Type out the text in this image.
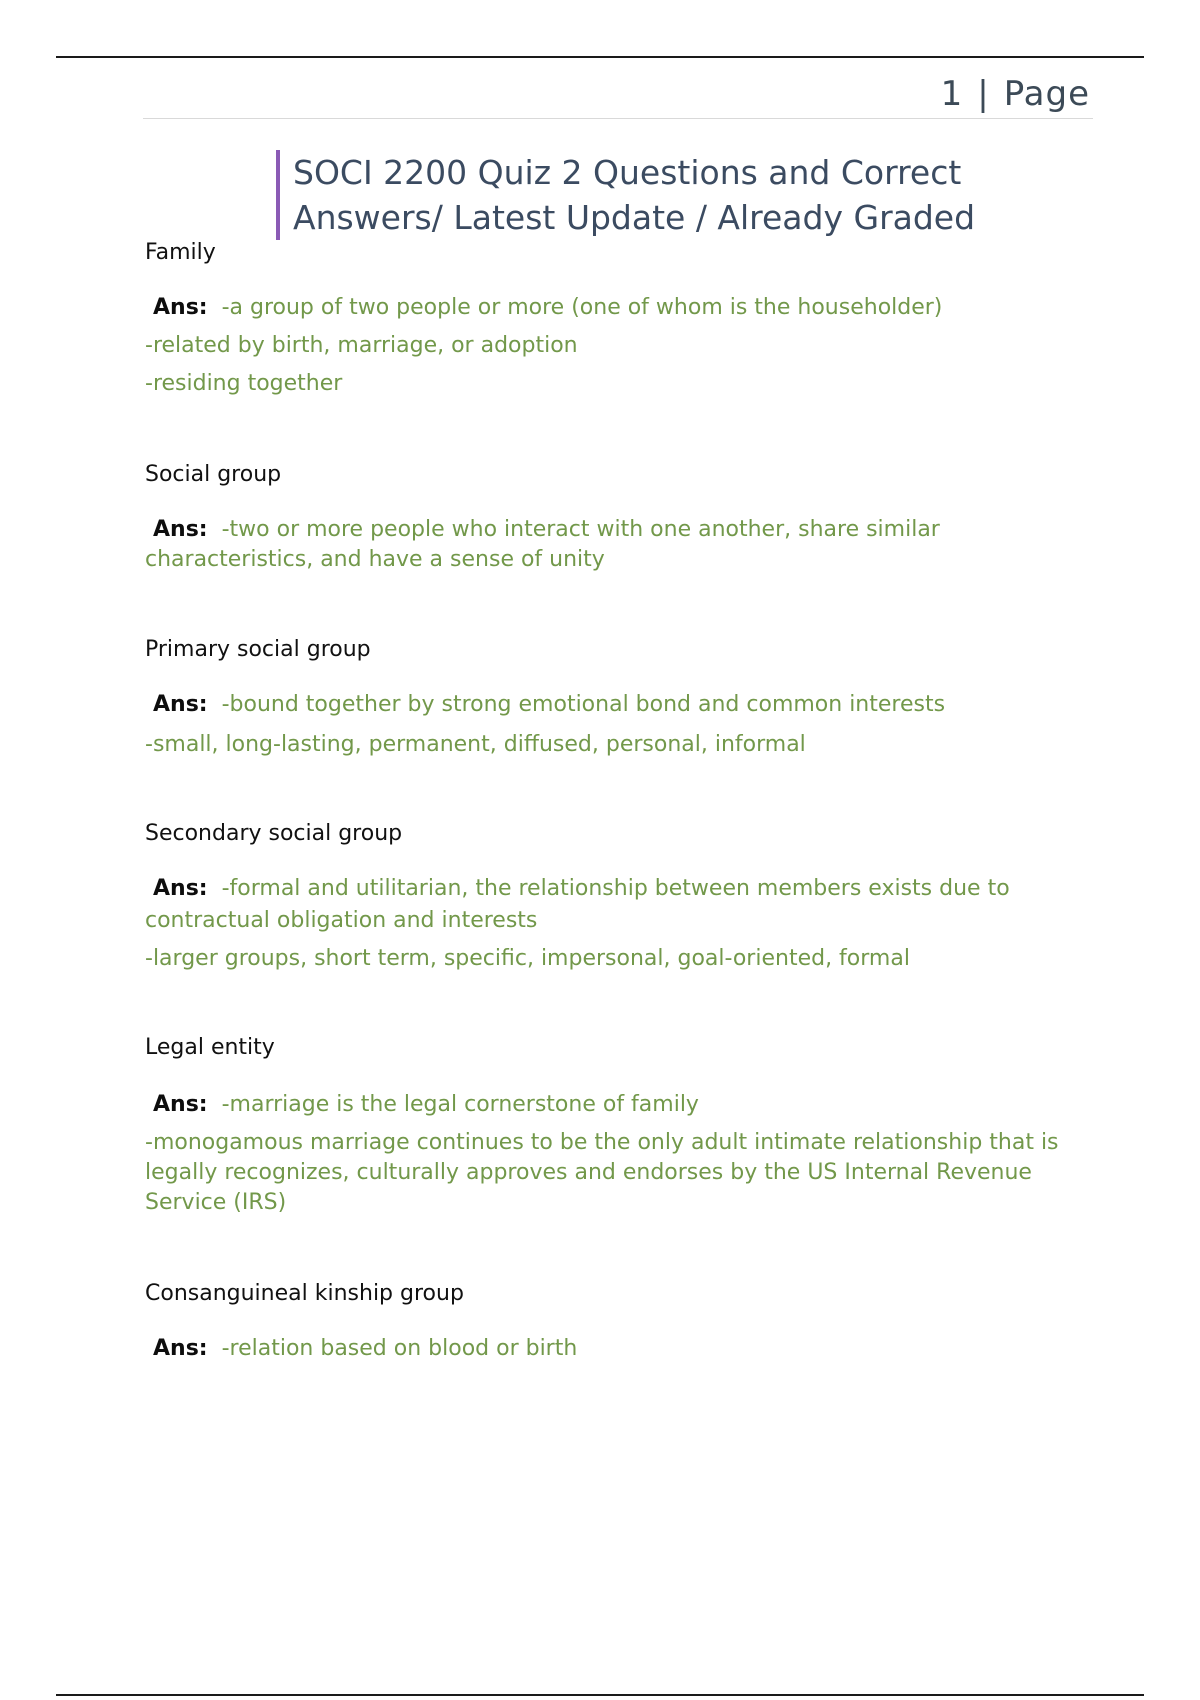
1 | Page
SOCI 2200 Quiz 2 Questions and Correct
Answers/ Latest Update / Already Graded

Family

Ans: -a group of two people or more (one of whom is the householder)

-related by birth, marriage, or adoption

-residing together

Social group

Ans: -two or more people who interact with one another, share similar

characteristics, and have a sense of unity

Primary social group

Ans: -bound together by strong emotional bond and common interests

-small, long-lasting, permanent, diffused, personal, informal

Secondary social group

Ans: -formal and utilitarian, the relationship between members exists due to

contractual obligation and interests

-larger groups, short term, specific, impersonal, goal-oriented, formal

Legal entity

Ans: -marriage is the legal cornerstone of family

-monogamous marriage continues to be the only adult intimate relationship that is

legally recognizes, culturally approves and endorses by the US Internal Revenue

Service (IRS)

Consanguineal kinship group

Ans: -relation based on blood or birth
